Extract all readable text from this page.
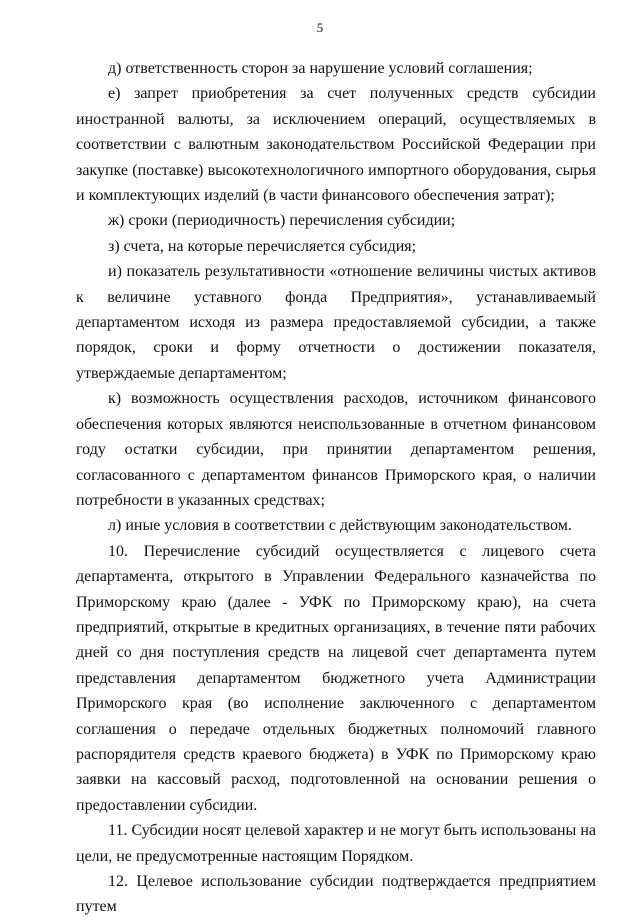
5

д) ответственность сторон за нарушение условий соглашения;

е) запрет приобретения за счет полученных средств субсидии иностранной валюты, за исключением операций, осуществляемых в соответствии с валютным законодательством Российской Федерации при закупке (поставке) высокотехнологичного импортного оборудования, сырья и комплектующих изделий (в части финансового обеспечения затрат);

ж) сроки (периодичность) перечисления субсидии;

з) счета, на которые перечисляется субсидия;

и) показатель результативности «отношение величины чистых активов к величине уставного фонда Предприятия», устанавливаемый департаментом исходя из размера предоставляемой субсидии, а также порядок, сроки и форму отчетности о достижении показателя, утверждаемые департаментом;

к) возможность осуществления расходов, источником финансового обеспечения которых являются неиспользованные в отчетном финансовом году остатки субсидии, при принятии департаментом решения, согласованного с департаментом финансов Приморского края, о наличии потребности в указанных средствах;

л) иные условия в соответствии с действующим законодательством.

10. Перечисление субсидий осуществляется с лицевого счета департамента, открытого в Управлении Федерального казначейства по Приморскому краю (далее - УФК по Приморскому краю), на счета предприятий, открытые в кредитных организациях, в течение пяти рабочих дней со дня поступления средств на лицевой счет департамента путем представления департаментом бюджетного учета Администрации Приморского края (во исполнение заключенного с департаментом соглашения о передаче отдельных бюджетных полномочий главного распорядителя средств краевого бюджета) в УФК по Приморскому краю заявки на кассовый расход, подготовленной на основании решения о предоставлении субсидии.

11. Субсидии носят целевой характер и не могут быть использованы на цели, не предусмотренные настоящим Порядком.

12. Целевое использование субсидии подтверждается предприятием путем
